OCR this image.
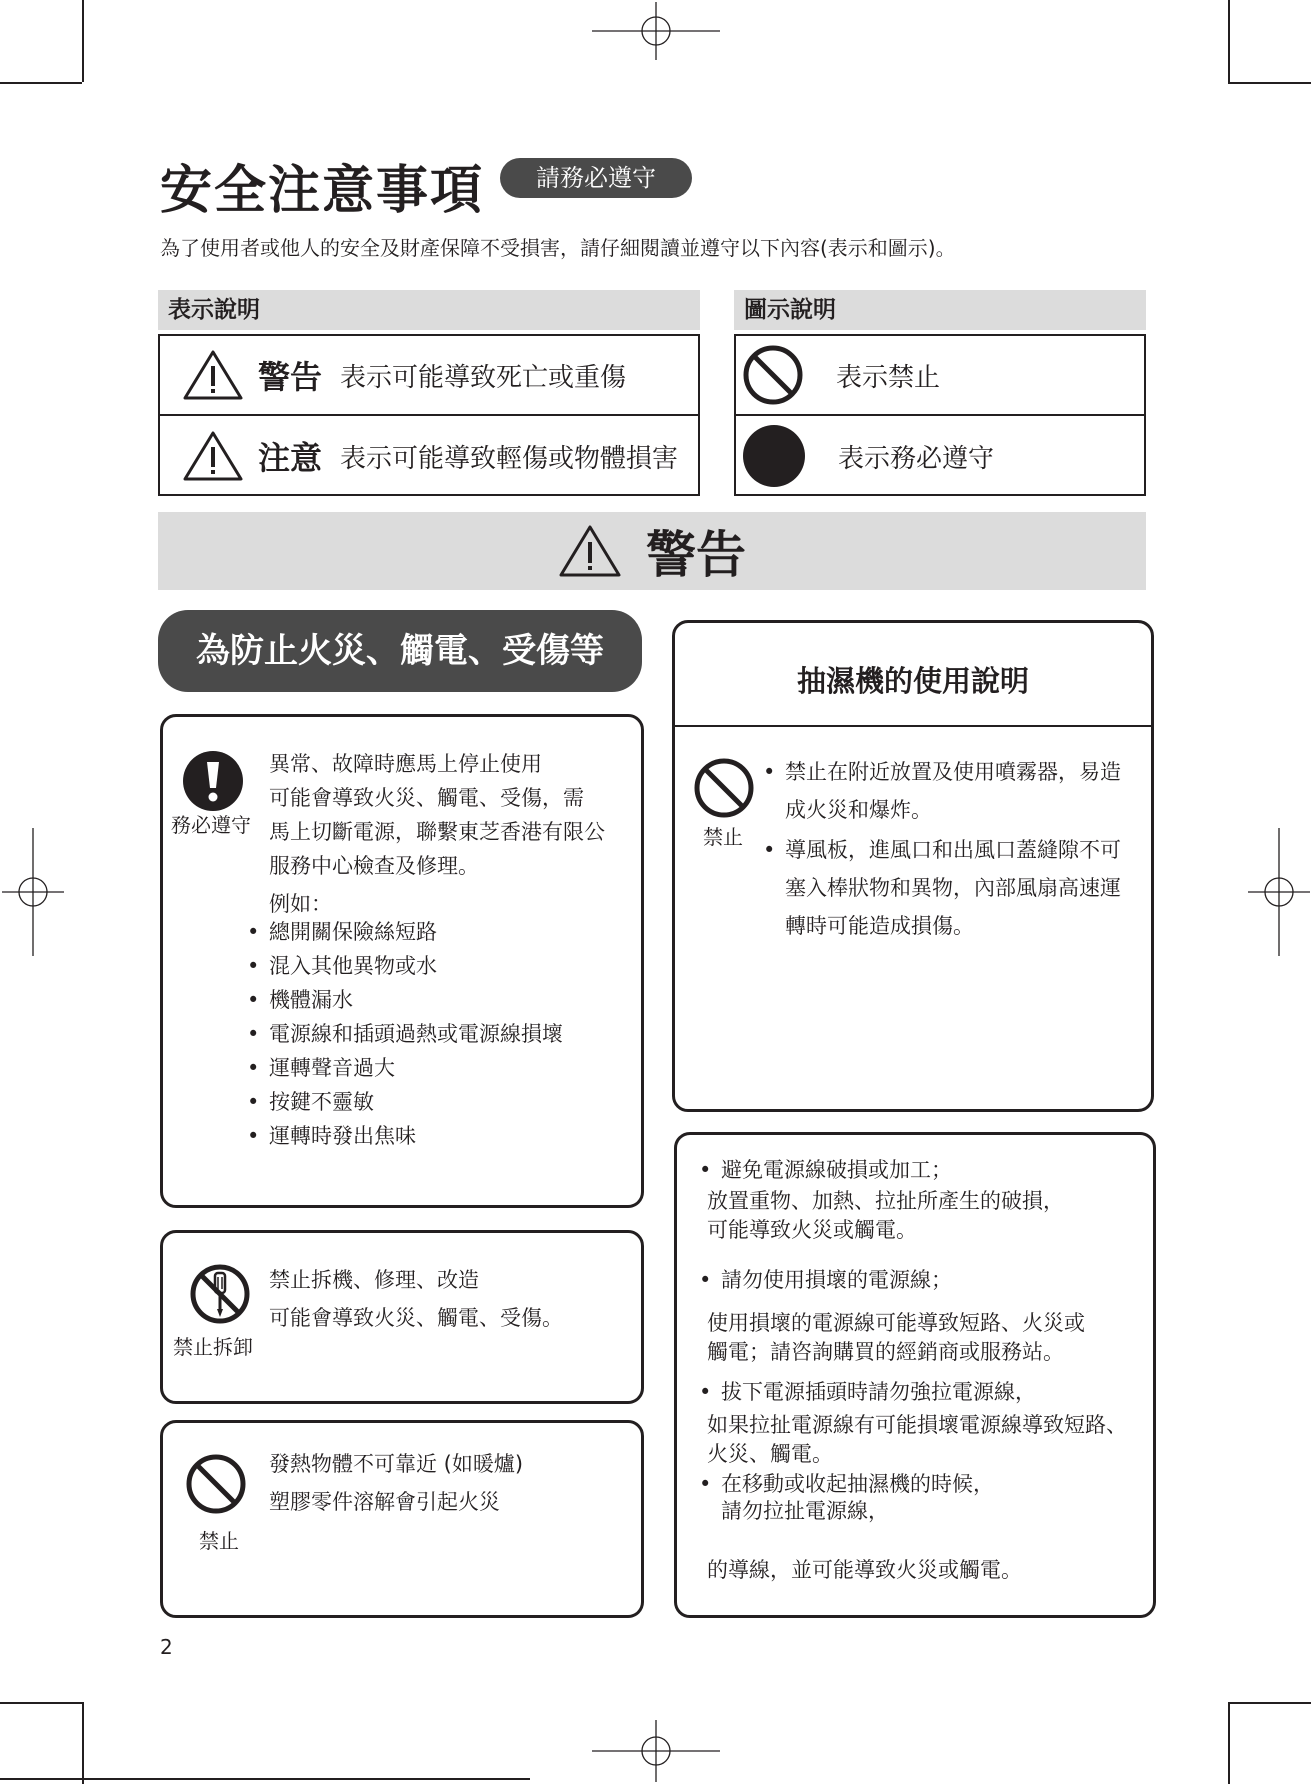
安全注意事項	請務必遵守
為了使用者或他人的安全及財產保障不受損害，請仔細閱讀並遵守以下內容(表示和圖示)。
表示說明
警告 表示可能導致死亡或重傷
注意 表示可能導致輕傷或物體損害
圖示說明
表示禁止
表示務必遵守
警告
為防止火災、觸電、受傷等
務必遵守
異常、故障時應馬上停止使用
可能會導致火災、觸電、受傷，需
馬上切斷電源，聯繫東芝香港有限公
服務中心檢查及修理。
例如：
• 總開關保險絲短路
• 混入其他異物或水
• 機體漏水
• 電源線和插頭過熱或電源線損壞
• 運轉聲音過大
• 按鍵不靈敏
• 運轉時發出焦味
禁止拆卸
禁止拆機、修理、改造
可能會導致火災、觸電、受傷。
禁止
發熱物體不可靠近 (如暖爐)
塑膠零件溶解會引起火災
抽濕機的使用說明
禁止
• 禁止在附近放置及使用噴霧器，易造成火災和爆炸。
• 導風板，進風口和出風口蓋縫隙不可塞入棒狀物和異物，內部風扇高速運轉時可能造成損傷。
• 避免電源線破損或加工；
放置重物、加熱、拉扯所產生的破損，
可能導致火災或觸電。
• 請勿使用損壞的電源線；
使用損壞的電源線可能導致短路、火災或
觸電；請咨詢購買的經銷商或服務站。
• 拔下電源插頭時請勿強拉電源線，
如果拉扯電源線有可能損壞電源線導致短路、
火災、觸電。
• 在移動或收起抽濕機的時候，
請勿拉扯電源線，
的導線，並可能導致火災或觸電。
2
